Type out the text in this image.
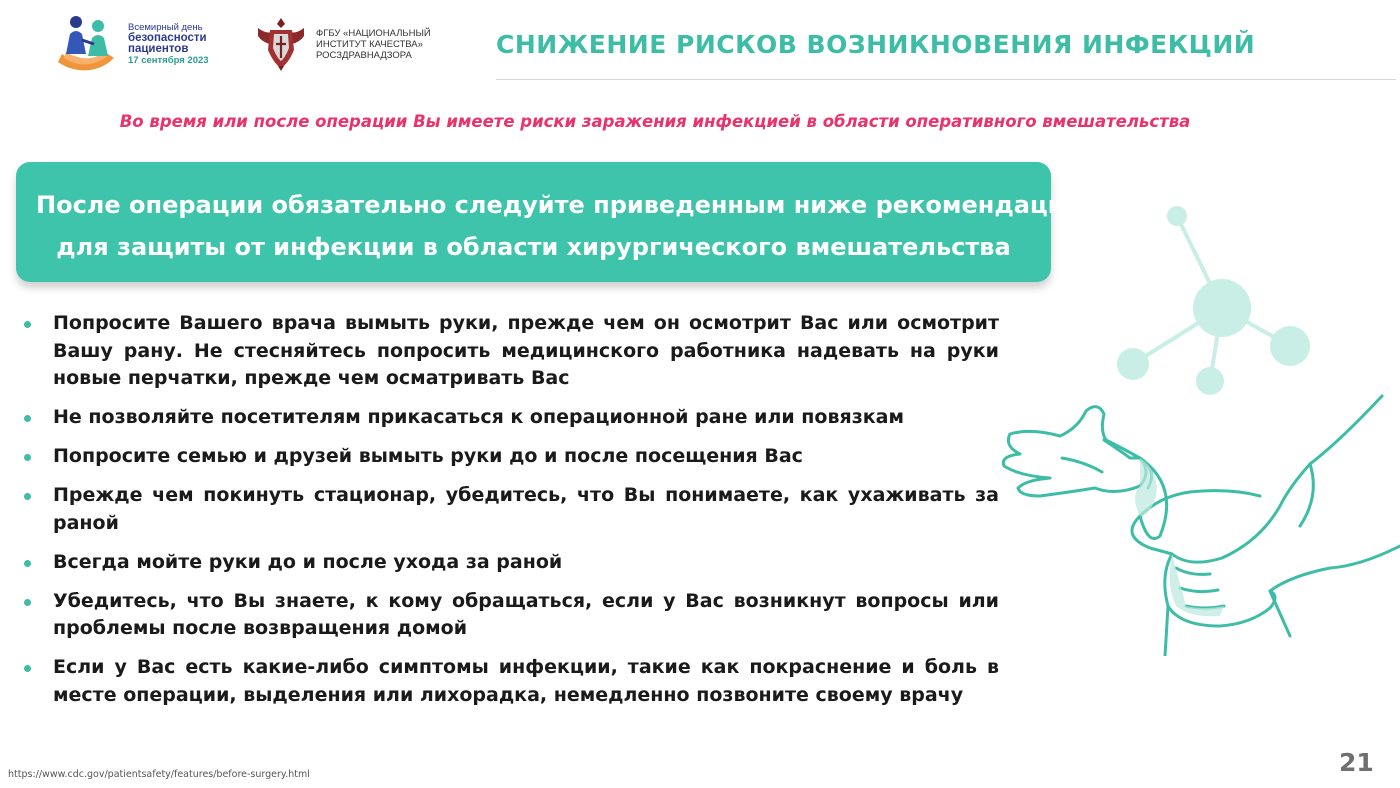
Всемирный день
безопасности
пациентов
17 сентября 2023
ФГБУ «НАЦИОНАЛЬНЫЙ
ИНСТИТУТ КАЧЕСТВА»
РОСЗДРАВНАДЗОРА	СНИЖЕНИЕ РИСКОВ ВОЗНИКНОВЕНИЯ ИНФЕКЦИЙ
Во время или после операции Вы имеете риски заражения инфекцией в области оперативного вмешательства
После операции обязательно следуйте приведенным ниже рекомендациям
для защиты от инфекции в области хирургического вмешательства
Попросите Вашего врача вымыть руки, прежде чем он осмотрит Вас или осмотрит Вашу рану. Не стесняйтесь попросить медицинского работника надевать на руки новые перчатки, прежде чем осматривать Вас
Не позволяйте посетителям прикасаться к операционной ране или повязкам
Попросите семью и друзей вымыть руки до и после посещения Вас
Прежде чем покинуть стационар, убедитесь, что Вы понимаете, как ухаживать за раной
Всегда мойте руки до и после ухода за раной
Убедитесь, что Вы знаете, к кому обращаться, если у Вас возникнут вопросы или проблемы после возвращения домой
Если у Вас есть какие-либо симптомы инфекции, такие как покраснение и боль в месте операции, выделения или лихорадка, немедленно позвоните своему врачу
https://www.cdc.gov/patientsafety/features/before-surgery.html	21
